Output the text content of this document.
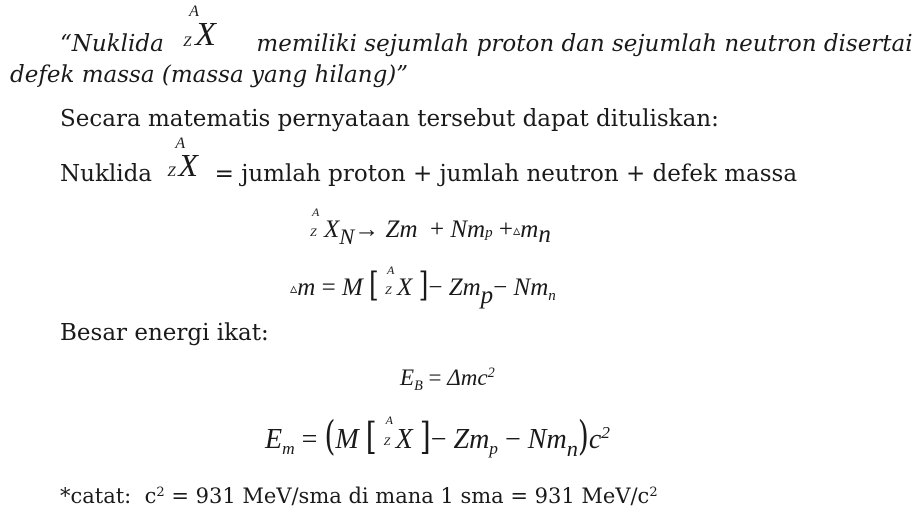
“Nuklida
A
Z X memiliki sejumlah proton dan sejumlah neutron disertai
defek massa (massa yang hilang)”
Secara matematis pernyataan tersebut dapat dituliskan:
Nuklida
A
Z X = jumlah proton + jumlah neutron + defek massa
A
Z $X_N\to Zm$ + Nmp $+▵m_n$
▵m = M [ A
Z X ]− $Zm_p- Nm_n$
Besar energi ikat:
$E_B = \Delta mc^2$
$E_m = (M$ [ A
Z X ]− $Zm_p - Nm_n)c^2$
*catat: $c^2 = 931$ MeV/sma di mana 1 sma = 931 MeV/$c^2$
